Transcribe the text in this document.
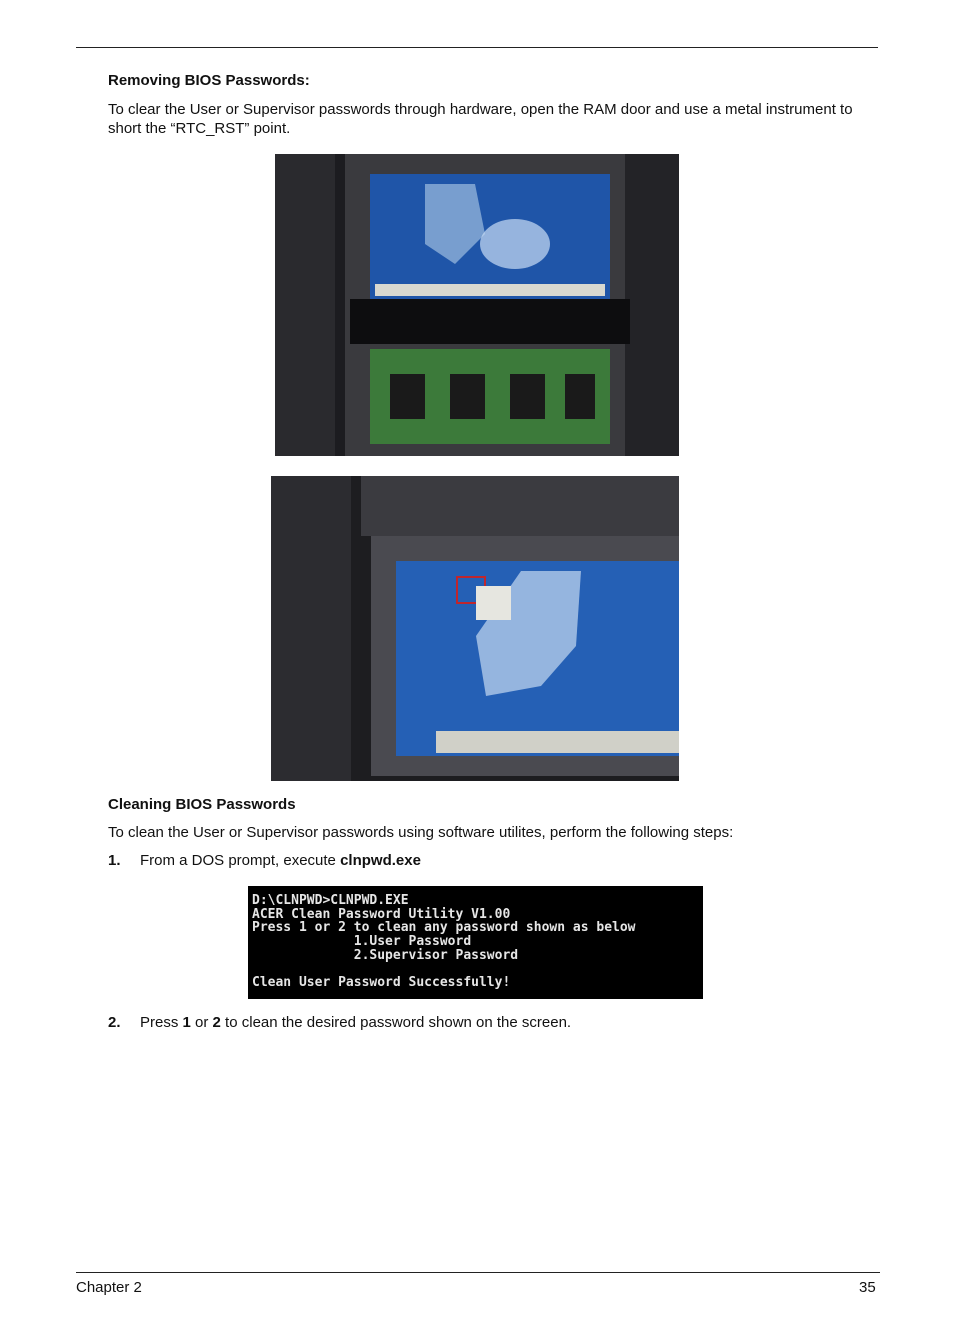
Removing BIOS Passwords:
To clear the User or Supervisor passwords through hardware, open the RAM door and use a metal instrument to short the “RTC_RST” point.
Cleaning BIOS Passwords
To clean the User or Supervisor passwords using software utilites, perform the following steps:
1. From a DOS prompt, execute clnpwd.exe
D:\CLNPWD>CLNPWD.EXE
ACER Clean Password Utility V1.00
Press 1 or 2 to clean any password shown as below
1.User Password
2.Supervisor Password

Clean User Password Successfully!
2. Press 1 or 2 to clean the desired password shown on the screen.
Chapter 2	35
